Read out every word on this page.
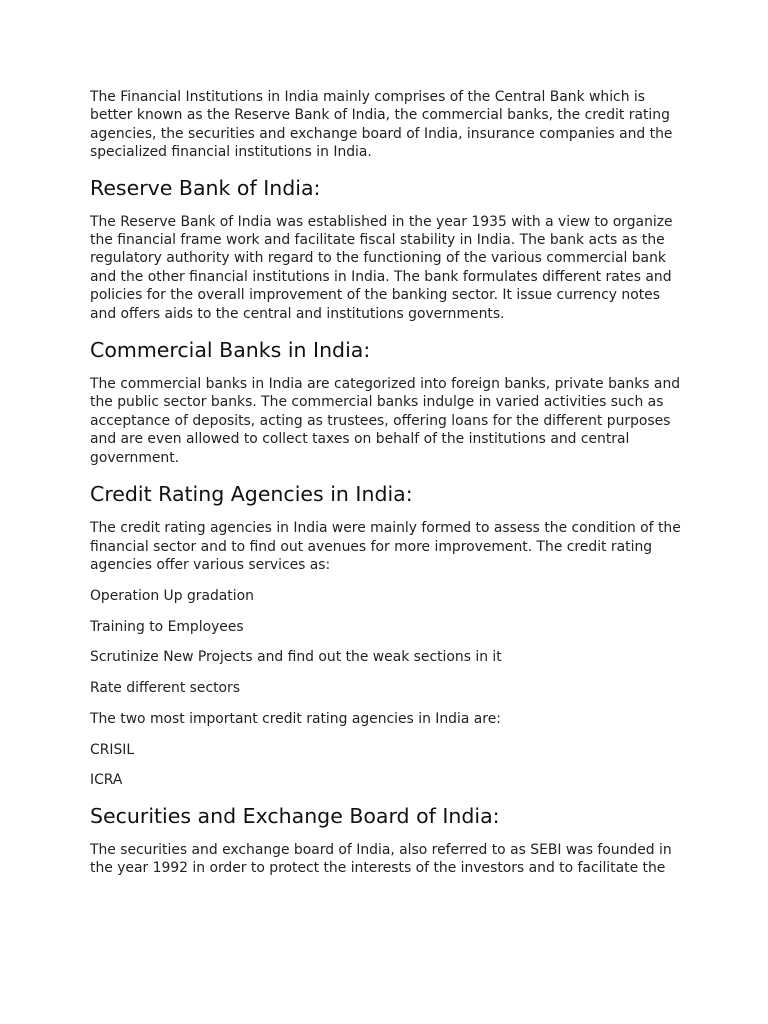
The Financial Institutions in India mainly comprises of the Central Bank which is better known as the Reserve Bank of India, the commercial banks, the credit rating agencies, the securities and exchange board of India, insurance companies and the specialized financial institutions in India.

Reserve Bank of India:

The Reserve Bank of India was established in the year 1935 with a view to organize the financial frame work and facilitate fiscal stability in India. The bank acts as the regulatory authority with regard to the functioning of the various commercial bank and the other financial institutions in India. The bank formulates different rates and policies for the overall improvement of the banking sector. It issue currency notes and offers aids to the central and institutions governments.

Commercial Banks in India:

The commercial banks in India are categorized into foreign banks, private banks and the public sector banks. The commercial banks indulge in varied activities such as acceptance of deposits, acting as trustees, offering loans for the different purposes and are even allowed to collect taxes on behalf of the institutions and central government.

Credit Rating Agencies in India:

The credit rating agencies in India were mainly formed to assess the condition of the financial sector and to find out avenues for more improvement. The credit rating agencies offer various services as:

Operation Up gradation

Training to Employees

Scrutinize New Projects and find out the weak sections in it

Rate different sectors

The two most important credit rating agencies in India are:

CRISIL

ICRA

Securities and Exchange Board of India:

The securities and exchange board of India, also referred to as SEBI was founded in the year 1992 in order to protect the interests of the investors and to facilitate the
